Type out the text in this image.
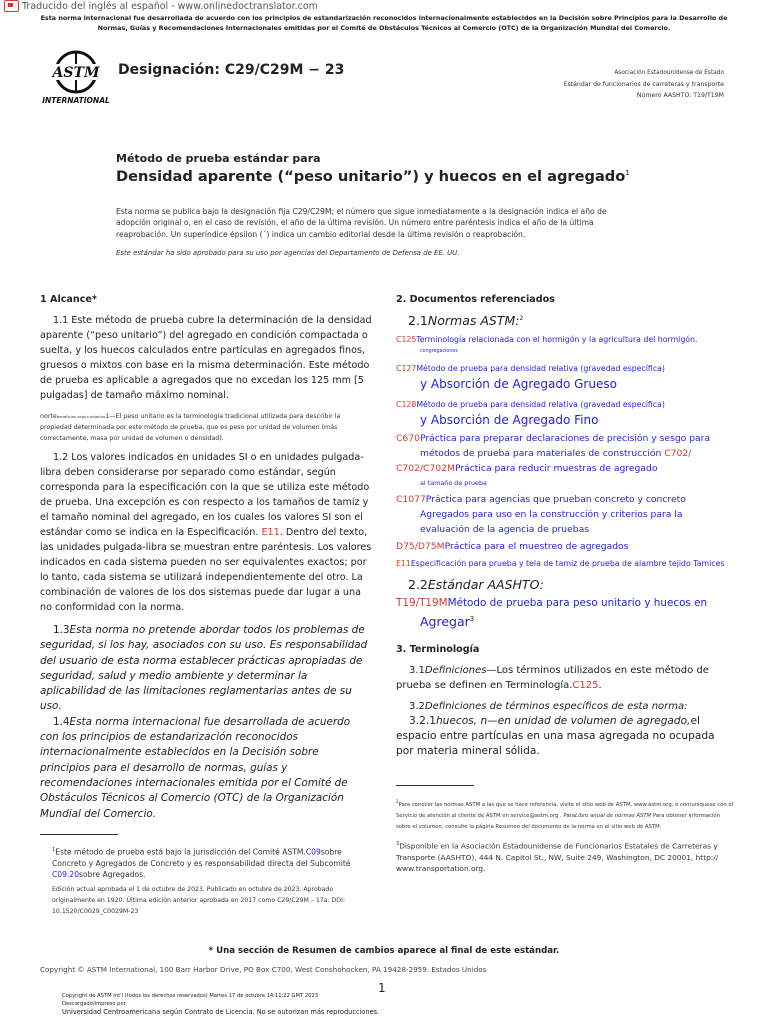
Traducido del inglés al español - www.onlinedoctranslator.com
Esta norma internacional fue desarrollada de acuerdo con los principios de estandarización reconocidos internacionalmente establecidos en la Decisión sobre Principios para la Desarrollo de Normas, Guías y Recomendaciones Internacionales emitidas por el Comité de Obstáculos Técnicos al Comercio (OTC) de la Organización Mundial del Comercio.
ASTM
INTERNATIONAL
Designación: C29/C29M − 23	Asociación Estadounidense de Estado
Estándar de funcionarios de carreteras y transporte
Número AASHTO: T19/T19M
Método de prueba estándar para
Densidad aparente (“peso unitario”) y huecos en el agregado$^1$
Esta norma se publica bajo la designación fija C29/C29M; el número que sigue inmediatamente a la designación indica el año de adopción original o, en el caso de revisión, el año de la última revisión. Un número entre paréntesis indica el año de la última reaprobación. Un superíndice épsilon (´) indica un cambio editorial desde la última revisión o reaprobación.
Este estándar ha sido aprobado para su uso por agencias del Departamento de Defensa de EE. UU.
1 Alcance*

1.1 Este método de prueba cubre la determinación de la densidad aparente (“peso unitario”) del agregado en condición compactada o suelta, y los huecos calculados entre partículas en agregados finos, gruesos o mixtos con base en la misma determinación. Este método de prueba es aplicable a agregados que no excedan los 125 mm [5 pulgadas] de tamaño máximo nominal.

nortebeneficios según objetivo1—El peso unitario es la terminología tradicional utilizada para describir la propiedad determinada por este método de prueba, que es peso por unidad de volumen (más correctamente, masa por unidad de volumen o densidad).

1.2 Los valores indicados en unidades SI o en unidades pulgada-libra deben considerarse por separado como estándar, según corresponda para la especificación con la que se utiliza este método de prueba. Una excepción es con respecto a los tamaños de tamiz y el tamaño nominal del agregado, en los cuales los valores SI son el estándar como se indica en la Especificación. E11. Dentro del texto, las unidades pulgada-libra se muestran entre paréntesis. Los valores indicados en cada sistema pueden no ser equivalentes exactos; por lo tanto, cada sistema se utilizará independientemente del otro. La combinación de valores de los dos sistemas puede dar lugar a una no conformidad con la norma.

1.3Esta norma no pretende abordar todos los problemas de seguridad, si los hay, asociados con su uso. Es responsabilidad del usuario de esta norma establecer prácticas apropiadas de seguridad, salud y medio ambiente y determinar la aplicabilidad de las limitaciones reglamentarias antes de su uso.

1.4Esta norma internacional fue desarrollada de acuerdo con los principios de estandarización reconocidos internacionalmente establecidos en la Decisión sobre principios para el desarrollo de normas, guías y recomendaciones internacionales emitida por el Comité de Obstáculos Técnicos al Comercio (OTC) de la Organización Mundial del Comercio.

$^1$Este método de prueba está bajo la jurisdicción del Comité ASTM.C09sobre Concreto y Agregados de Concreto y es responsabilidad directa del Subcomité C09.20sobre Agregados.
Edición actual aprobada el 1 de octubre de 2023. Publicado en octubre de 2023. Aprobado originalmente en 1920. Última edición anterior aprobada en 2017 como C29/C29M – 17a. DOI: 10.1520/C0029_C0029M-23
2. Documentos referenciados
2.1Normas ASTM:$^2$

C125Terminología relacionada con el hormigón y la agricultura del hormigón.

congregaciones

C127Método de prueba para densidad relativa (gravedad específica)

y Absorción de Agregado Grueso

C128Método de prueba para densidad relativa (gravedad específica)

y Absorción de Agregado Fino

C670Práctica para preparar declaraciones de precisión y sesgo para métodos de prueba para materiales de construcción C702/

C702/C702MPráctica para reducir muestras de agregado

al tamaño de prueba

C1077Práctica para agencias que prueban concreto y concreto Agregados para uso en la construcción y criterios para la evaluación de la agencia de pruebas

D75/D75MPráctica para el muestreo de agregados

E11Especificación para prueba y tela de tamiz de prueba de alambre tejido Tamices

2.2Estándar AASHTO:

T19/T19MMétodo de prueba para peso unitario y huecos en

Agregar$^3$
3. Terminología

3.1Definiciones—Los términos utilizados en este método de prueba se definen en Terminología.C125.

3.2Definiciones de términos específicos de esta norma:

3.2.1huecos, n—en unidad de volumen de agregado,el espacio entre partículas en una masa agregada no ocupada por materia mineral sólida.

$^2$Para conocer las normas ASTM a las que se hace referencia, visite el sitio web de ASTM, www.astm.org, o comuníquese con el Servicio de atención al cliente de ASTM en service@astm.org . ParaLibro anual de normas ASTM Para obtener información sobre el volumen, consulte la página Resumen del documento de la norma en el sitio web de ASTM.
$^3$Disponible en la Asociación Estadounidense de Funcionarios Estatales de Carreteras y Transporte (AASHTO), 444 N. Capitol St., NW, Suite 249, Washington, DC 20001, http:// www.transportation.org.
* Una sección de Resumen de cambios aparece al final de este estándar.
Copyright © ASTM International, 100 Barr Harbor Drive, PO Box C700, West Conshohocken, PA 19428-2959. Estados Unidos
1
Copyright de ASTM Int'l (todos los derechos reservados) Martes 17 de octubre 14:11:22 GMT 2023
Descargado/impreso por
Universidad Centroamericana según Contrato de Licencia. No se autorizan más reproducciones.
